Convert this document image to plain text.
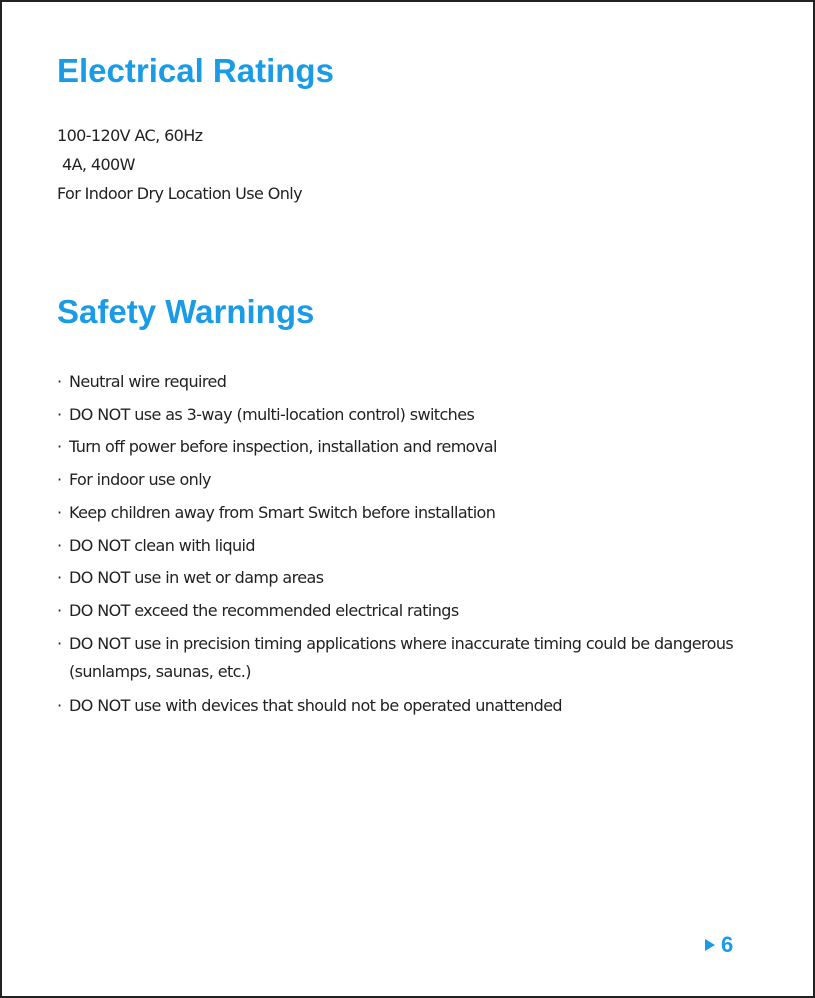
Electrical Ratings
100-120V AC, 60Hz
4A, 400W
For Indoor Dry Location Use Only
Safety Warnings
· Neutral wire required
· DO NOT use as 3-way (multi-location control) switches
· Turn off power before inspection, installation and removal
· For indoor use only
· Keep children away from Smart Switch before installation
· DO NOT clean with liquid
· DO NOT use in wet or damp areas
· DO NOT exceed the recommended electrical ratings
· DO NOT use in precision timing applications where inaccurate timing could be dangerous (sunlamps, saunas, etc.)
· DO NOT use with devices that should not be operated unattended
6
